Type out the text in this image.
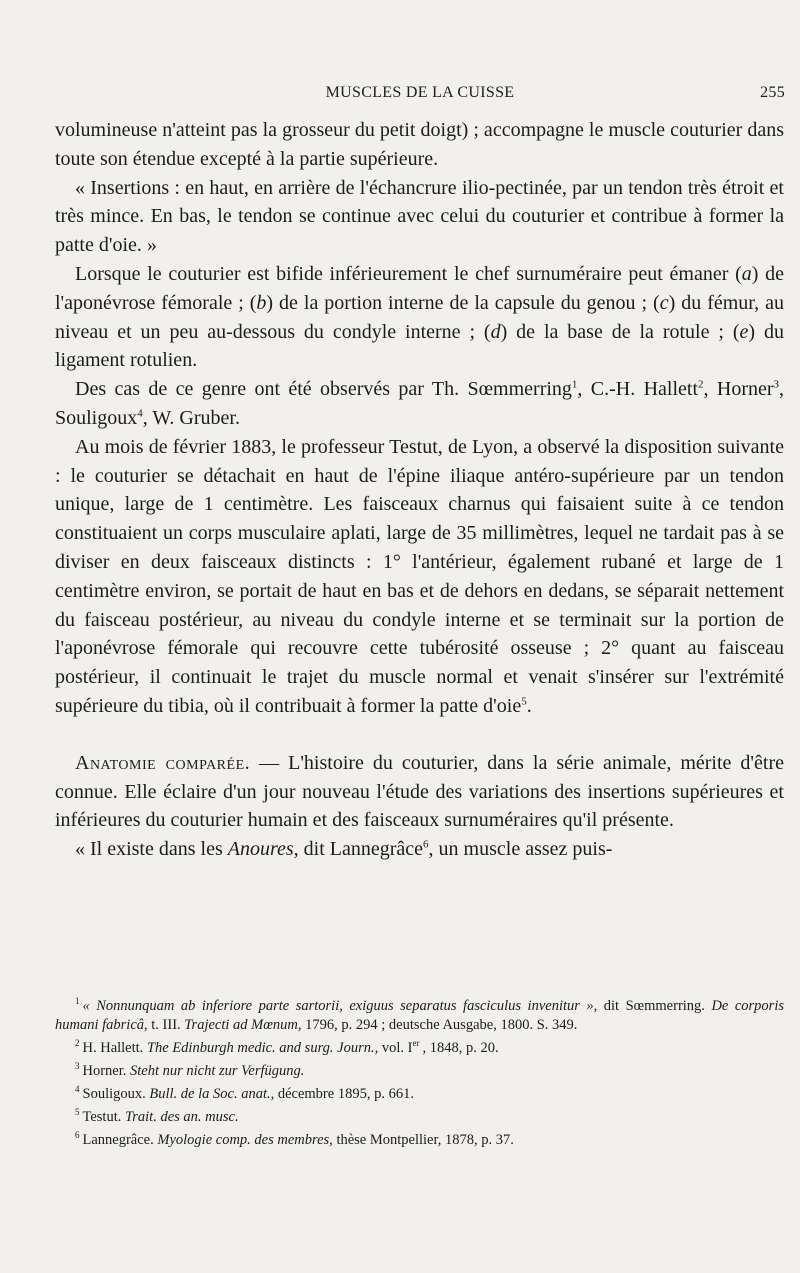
MUSCLES DE LA CUISSE	255

volumineuse n'atteint pas la grosseur du petit doigt) ; accompagne le muscle couturier dans toute son étendue excepté à la partie supérieure.

« Insertions : en haut, en arrière de l'échancrure ilio-pectinée, par un tendon très étroit et très mince. En bas, le tendon se continue avec celui du couturier et contribue à former la patte d'oie. »

Lorsque le couturier est bifide inférieurement le chef surnuméraire peut émaner (a) de l'aponévrose fémorale ; (b) de la portion interne de la capsule du genou ; (c) du fémur, au niveau et un peu au-dessous du condyle interne ; (d) de la base de la rotule ; (e) du ligament rotulien.

Des cas de ce genre ont été observés par Th. Sœmmerring$^1$, C.-H. Hallett$^2$, Horner$^3$, Souligoux$^4$, W. Gruber.

Au mois de février 1883, le professeur Testut, de Lyon, a observé la disposition suivante : le couturier se détachait en haut de l'épine iliaque antéro-supérieure par un tendon unique, large de 1 centimètre. Les faisceaux charnus qui faisaient suite à ce tendon constituaient un corps musculaire aplati, large de 35 millimètres, lequel ne tardait pas à se diviser en deux faisceaux distincts : 1° l'antérieur, également rubané et large de 1 centimètre environ, se portait de haut en bas et de dehors en dedans, se séparait nettement du faisceau postérieur, au niveau du condyle interne et se terminait sur la portion de l'aponévrose fémorale qui recouvre cette tubérosité osseuse ; 2° quant au faisceau postérieur, il continuait le trajet du muscle normal et venait s'insérer sur l'extrémité supérieure du tibia, où il contribuait à former la patte d'oie$^5$.

Anatomie comparée. — L'histoire du couturier, dans la série animale, mérite d'être connue. Elle éclaire d'un jour nouveau l'étude des variations des insertions supérieures et inférieures du couturier humain et des faisceaux surnuméraires qu'il présente.

« Il existe dans les Anoures, dit Lannegrâce$^6$, un muscle assez puis-

$^1$ « Nonnunquam ab inferiore parte sartorii, exiguus separatus fasciculus invenitur », dit Sœmmerring. De corporis humani fabricâ, t. III. Trajecti ad Mœnum, 1796, p. 294 ; deutsche Ausgabe, 1800. S. 349.

$^2$ H. Hallett. The Edinburgh medic. and surg. Journ., vol. Ier , 1848, p. 20.

$^3$ Horner. Steht nur nicht zur Verfügung.

$^4$ Souligoux. Bull. de la Soc. anat., décembre 1895, p. 661.

$^5$ Testut. Trait. des an. musc.

$^6$ Lannegrâce. Myologie comp. des membres, thèse Montpellier, 1878, p. 37.
